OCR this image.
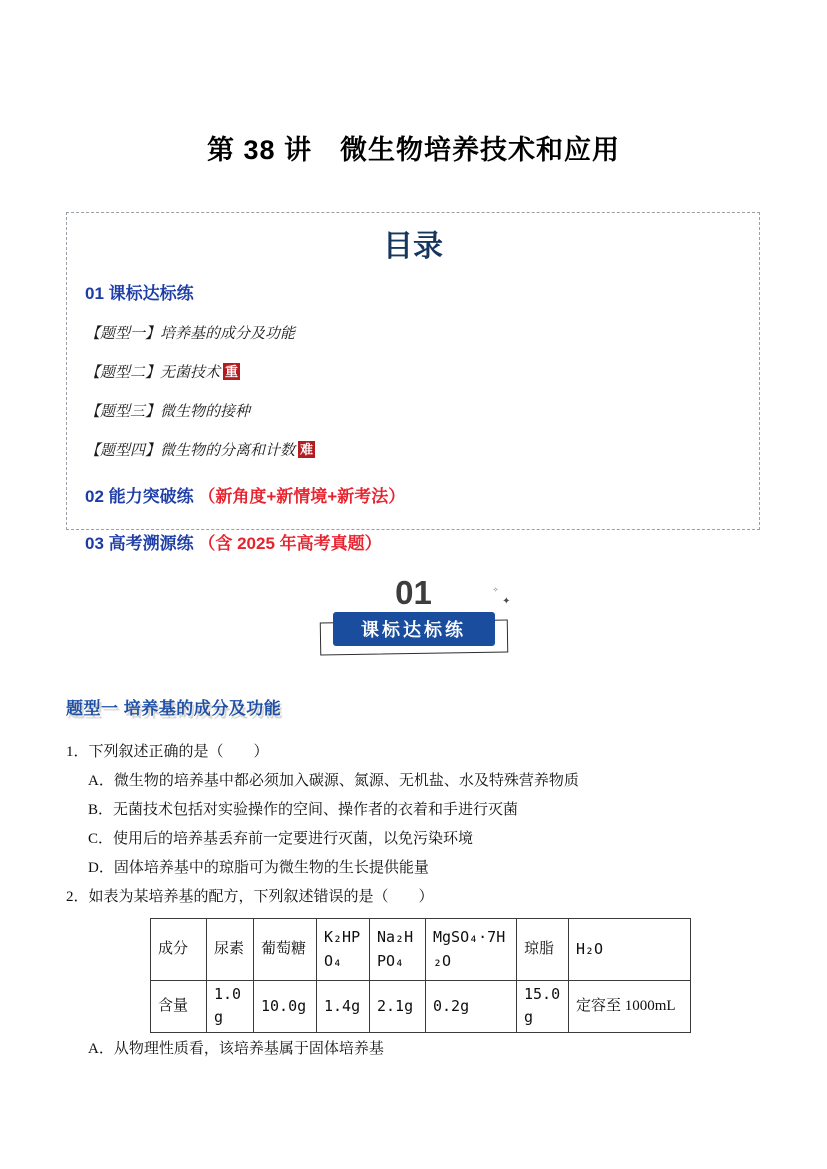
第 38 讲　微生物培养技术和应用
目录
01 课标达标练
【题型一】培养基的成分及功能
【题型二】无菌技术 重
【题型三】微生物的接种
【题型四】微生物的分离和计数 难
02 能力突破练 （新角度+新情境+新考法）
03 高考溯源练 （含 2025 年高考真题）
01	✦
✧
课标达标练
题型一 培养基的成分及功能

1．下列叙述正确的是（　　）

A．微生物的培养基中都必须加入碳源、氮源、无机盐、水及特殊营养物质

B．无菌技术包括对实验操作的空间、操作者的衣着和手进行灭菌

C．使用后的培养基丢弃前一定要进行灭菌，以免污染环境

D．固体培养基中的琼脂可为微生物的生长提供能量

2．如表为某培养基的配方，下列叙述错误的是（　　）

成分	尿素	葡萄糖	K₂HPO₄	Na₂HPO₄	MgSO₄·7H₂O	琼脂	H₂O
含量	1.0g	10.0g	1.4g	2.1g	0.2g	15.0g	定容至 1000mL

A．从物理性质看，该培养基属于固体培养基
